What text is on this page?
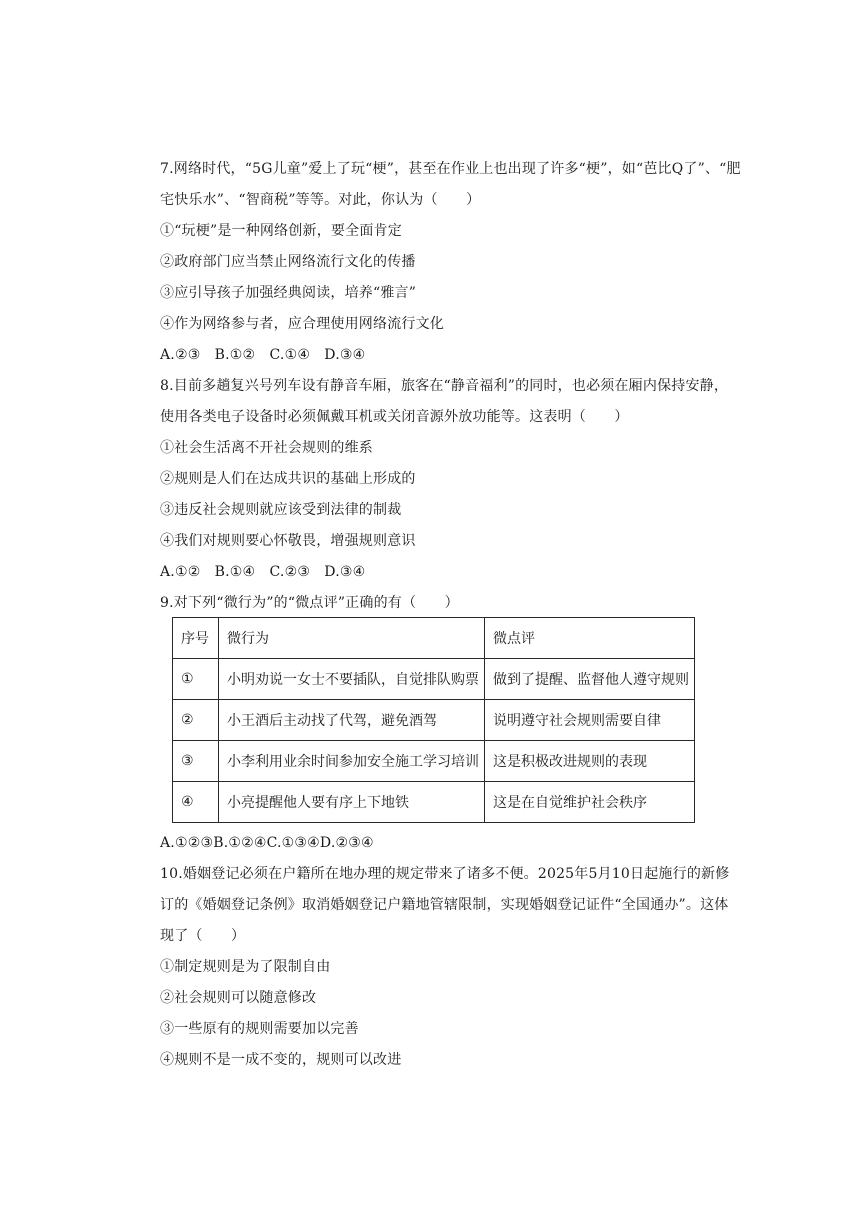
7.网络时代，“5G儿童”爱上了玩“梗”，甚至在作业上也出现了许多“梗”，如“芭比Q了”、“肥

宅快乐水”、“智商税”等等。对此，你认为（　　）

①“玩梗”是一种网络创新，要全面肯定

②政府部门应当禁止网络流行文化的传播

③应引导孩子加强经典阅读，培养“雅言”

④作为网络参与者，应合理使用网络流行文化

A.②③　B.①②　C.①④　D.③④

8.目前多趟复兴号列车设有静音车厢，旅客在“静音福利”的同时，也必须在厢内保持安静，

使用各类电子设备时必须佩戴耳机或关闭音源外放功能等。这表明（　　）

①社会生活离不开社会规则的维系

②规则是人们在达成共识的基础上形成的

③违反社会规则就应该受到法律的制裁

④我们对规则要心怀敬畏，增强规则意识

A.①②　B.①④　C.②③　D.③④

9.对下列“微行为”的“微点评”正确的有（　　）

序号	微行为	微点评
①	小明劝说一女士不要插队，自觉排队购票	做到了提醒、监督他人遵守规则
②	小王酒后主动找了代驾，避免酒驾	说明遵守社会规则需要自律
③	小李利用业余时间参加安全施工学习培训	这是积极改进规则的表现
④	小亮提醒他人要有序上下地铁	这是在自觉维护社会秩序

A.①②③B.①②④C.①③④D.②③④

10.婚姻登记必须在户籍所在地办理的规定带来了诸多不便。2025年5月10日起施行的新修

订的《婚姻登记条例》取消婚姻登记户籍地管辖限制，实现婚姻登记证件“全国通办”。这体

现了（　　）

①制定规则是为了限制自由

②社会规则可以随意修改

③一些原有的规则需要加以完善

④规则不是一成不变的，规则可以改进
